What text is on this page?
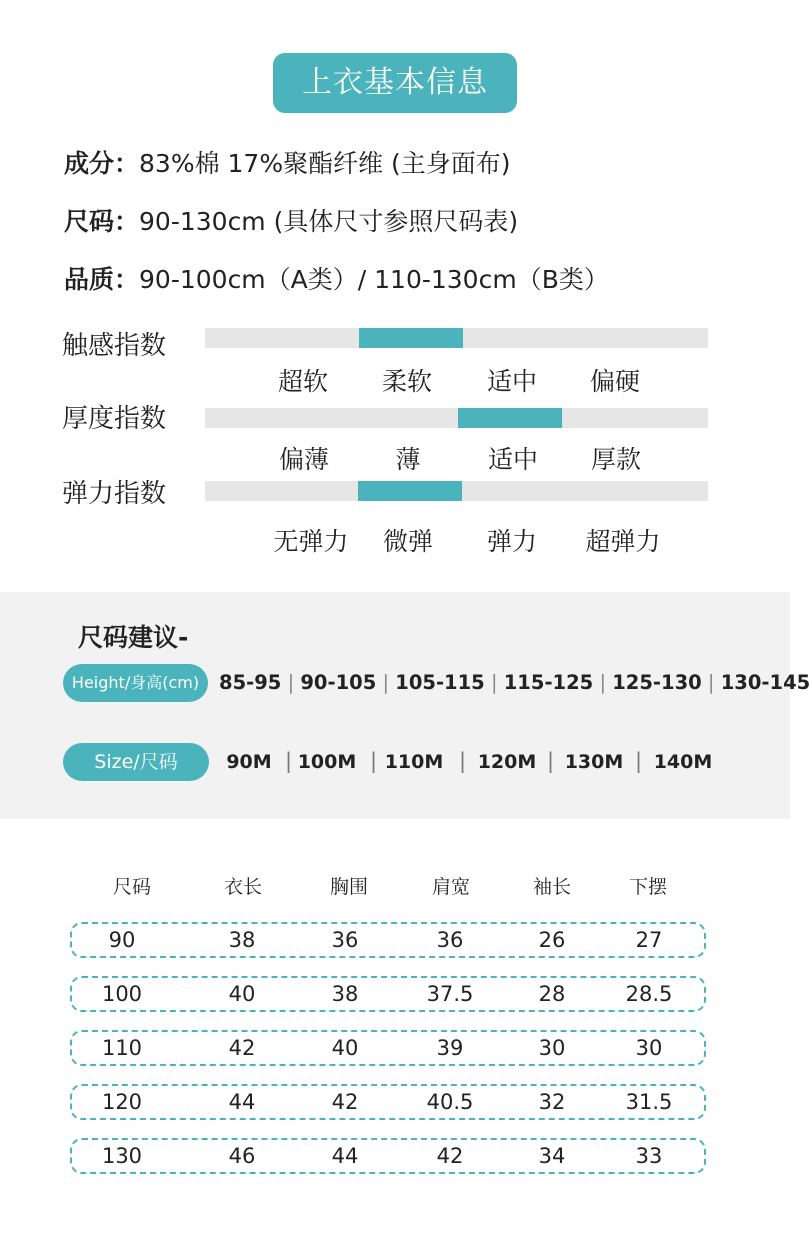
上衣基本信息
成分：83%棉 17%聚酯纤维 (主身面布)
尺码：90-130cm (具体尺寸参照尺码表)
品质：90-100cm（A类）/ 110-130cm（B类）
触感指数
超软	柔软	适中	偏硬
厚度指数
偏薄	薄	适中	厚款
弹力指数
无弹力	微弹	弹力	超弹力
尺码建议-
Height/身高(cm)	85-95 | 90-105 | 105-115 | 115-125 | 125-130 | 130-145
Size/尺码	90M | 100M | 110M | 120M | 130M | 140M
尺码	衣长	胸围	肩宽	袖长	下摆
90	38	36	36	26	27
100	40	38	37.5	28	28.5
110	42	40	39	30	30
120	44	42	40.5	32	31.5
130	46	44	42	34	33
